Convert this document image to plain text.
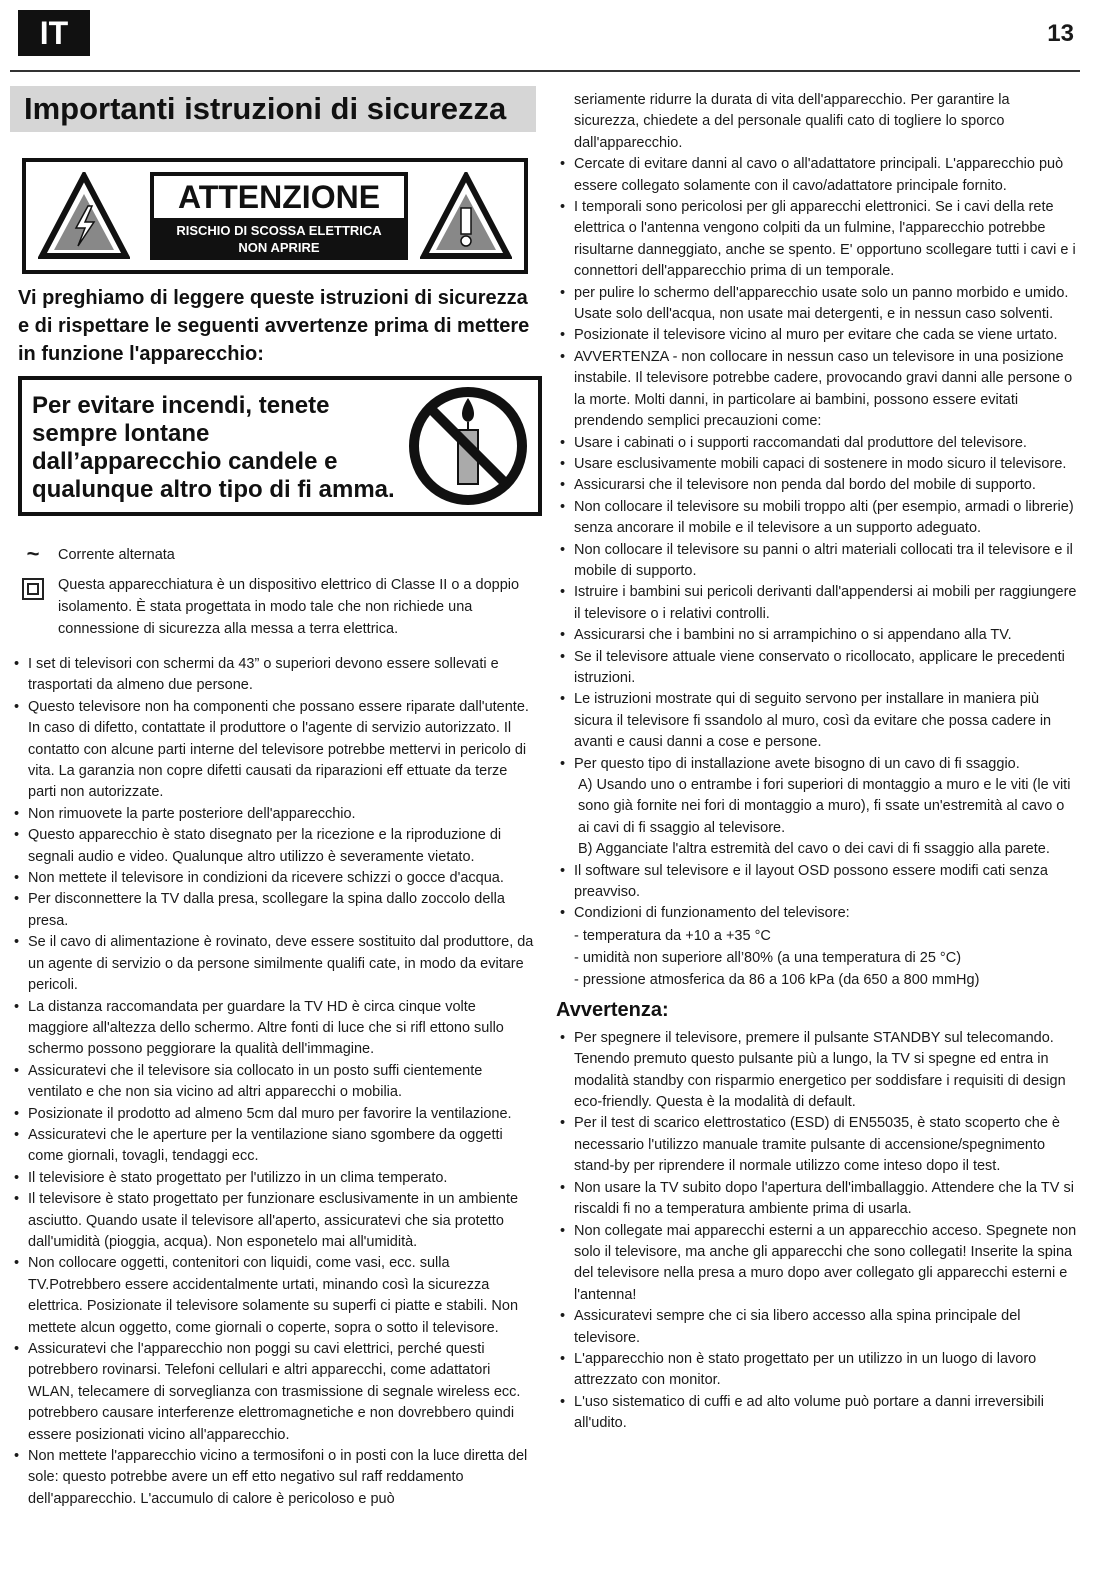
IT	13
Importanti istruzioni di sicurezza
ATTENZIONE
RISCHIO DI SCOSSA ELETTRICA
NON APRIRE
Vi preghiamo di leggere queste istruzioni di sicurezza e di rispettare le seguenti avvertenze prima di mettere in funzione l'apparecchio:
Per evitare incendi, tenete sempre lontane dall’apparecchio candele e qualunque altro tipo di fi amma.
~	Corrente alternata
Questa apparecchiatura è un dispositivo elettrico di Classe II o a doppio isolamento. È stata progettata in modo tale che non richiede una connessione di sicurezza alla messa a terra elettrica.
• I set di televisori con schermi da 43” o superiori devono essere sollevati e trasportati da almeno due persone.
• Questo televisore non ha componenti che possano essere riparate dall'utente. In caso di difetto, contattate il produttore o l'agente di servizio autorizzato. Il contatto con alcune parti interne del televisore potrebbe mettervi in pericolo di vita. La garanzia non copre difetti causati da riparazioni eff ettuate da terze parti non autorizzate.
• Non rimuovete la parte posteriore dell'apparecchio.
• Questo apparecchio è stato disegnato per la ricezione e la riproduzione di segnali audio e video. Qualunque altro utilizzo è severamente vietato.
• Non mettete il televisore in condizioni da ricevere schizzi o gocce d'acqua.
• Per disconnettere la TV dalla presa, scollegare la spina dallo zoccolo della presa.
• Se il cavo di alimentazione è rovinato, deve essere sostituito dal produttore, da un agente di servizio o da persone similmente qualifi cate, in modo da evitare pericoli.
• La distanza raccomandata per guardare la TV HD è circa cinque volte maggiore all'altezza dello schermo. Altre fonti di luce che si rifl ettono sullo schermo possono peggiorare la qualità dell'immagine.
• Assicuratevi che il televisore sia collocato in un posto suffi cientemente ventilato e che non sia vicino ad altri apparecchi o mobilia.
• Posizionate il prodotto ad almeno 5cm dal muro per favorire la ventilazione.
• Assicuratevi che le aperture per la ventilazione siano sgombere da oggetti come giornali, tovagli, tendaggi ecc.
• Il televisiore è stato progettato per l'utilizzo in un clima temperato.
• Il televisore è stato progettato per funzionare esclusivamente in un ambiente asciutto. Quando usate il televisore all'aperto, assicuratevi che sia protetto dall'umidità (pioggia, acqua). Non esponetelo mai all'umidità.
• Non collocare oggetti, contenitori con liquidi, come vasi, ecc. sulla TV.Potrebbero essere accidentalmente urtati, minando così la sicurezza elettrica. Posizionate il televisore solamente su superfi ci piatte e stabili. Non mettete alcun oggetto, come giornali o coperte, sopra o sotto il televisore.
• Assicuratevi che l'apparecchio non poggi su cavi elettrici, perché questi potrebbero rovinarsi. Telefoni cellulari e altri apparecchi, come adattatori WLAN, telecamere di sorveglianza con trasmissione di segnale wireless ecc. potrebbero causare interferenze elettromagnetiche e non dovrebbero quindi essere posizionati vicino all'apparecchio.
• Non mettete l'apparecchio vicino a termosifoni o in posti con la luce diretta del sole: questo potrebbe avere un eff etto negativo sul raff reddamento dell'apparecchio. L'accumulo di calore è pericoloso e può
seriamente ridurre la durata di vita dell'apparecchio. Per garantire la sicurezza, chiedete a del personale qualifi cato di togliere lo sporco dall'apparecchio.
• Cercate di evitare danni al cavo o all'adattatore principali. L'apparecchio può essere collegato solamente con il cavo/adattatore principale fornito.
• I temporali sono pericolosi per gli apparecchi elettronici. Se i cavi della rete elettrica o l'antenna vengono colpiti da un fulmine, l'apparecchio potrebbe risultarne danneggiato, anche se spento. E' opportuno scollegare tutti i cavi e i connettori dell'apparecchio prima di un temporale.
• per pulire lo schermo dell'apparecchio usate solo un panno morbido e umido. Usate solo dell'acqua, non usate mai detergenti, e in nessun caso solventi.
• Posizionate il televisore vicino al muro per evitare che cada se viene urtato.
• AVVERTENZA - non collocare in nessun caso un televisore in una posizione instabile. Il televisore potrebbe cadere, provocando gravi danni alle persone o la morte. Molti danni, in particolare ai bambini, possono essere evitati prendendo semplici precauzioni come:
• Usare i cabinati o i supporti raccomandati dal produttore del televisore.
• Usare esclusivamente mobili capaci di sostenere in modo sicuro il televisore.
• Assicurarsi che il televisore non penda dal bordo del mobile di supporto.
• Non collocare il televisore su mobili troppo alti (per esempio, armadi o librerie) senza ancorare il mobile e il televisore a un supporto adeguato.
• Non collocare il televisore su panni o altri materiali collocati tra il televisore e il mobile di supporto.
• Istruire i bambini sui pericoli derivanti dall'appendersi ai mobili per raggiungere il televisore o i relativi controlli.
• Assicurarsi che i bambini no si arrampichino o si appendano alla TV.
• Se il televisore attuale viene conservato o ricollocato, applicare le precedenti istruzioni.
• Le istruzioni mostrate qui di seguito servono per installare in maniera più sicura il televisore fi ssandolo al muro, così da evitare che possa cadere in avanti e causi danni a cose e persone.
• Per questo tipo di installazione avete bisogno di un cavo di fi ssaggio.
A) Usando uno o entrambe i fori superiori di montaggio a muro e le viti (le viti sono già fornite nei fori di montaggio a muro), fi ssate un'estremità al cavo o ai cavi di fi ssaggio al televisore.
B) Agganciate l'altra estremità del cavo o dei cavi di fi ssaggio alla parete.
• Il software sul televisore e il layout OSD possono essere modifi cati senza preavviso.
• Condizioni di funzionamento del televisore:
- temperatura da +10 a +35 °C
- umidità non superiore all’80% (a una temperatura di 25 °C)
- pressione atmosferica da 86 a 106 kPa (da 650 a 800 mmHg)
Avvertenza:
• Per spegnere il televisore, premere il pulsante STANDBY sul telecomando. Tenendo premuto questo pulsante più a lungo, la TV si spegne ed entra in modalità standby con risparmio energetico per soddisfare i requisiti di design eco-friendly. Questa è la modalità di default.
• Per il test di scarico elettrostatico (ESD) di EN55035, è stato scoperto che è necessario l'utilizzo manuale tramite pulsante di accensione/spegnimento stand-by per riprendere il normale utilizzo come inteso dopo il test.
• Non usare la TV subito dopo l'apertura dell'imballaggio. Attendere che la TV si riscaldi fi no a temperatura ambiente prima di usarla.
• Non collegate mai apparecchi esterni a un apparecchio acceso. Spegnete non solo il televisore, ma anche gli apparecchi che sono collegati! Inserite la spina del televisore nella presa a muro dopo aver collegato gli apparecchi esterni e l'antenna!
• Assicuratevi sempre che ci sia libero accesso alla spina principale del televisore.
• L'apparecchio non è stato progettato per un utilizzo in un luogo di lavoro attrezzato con monitor.
• L'uso sistematico di cuffi e ad alto volume può portare a danni irreversibili all'udito.
